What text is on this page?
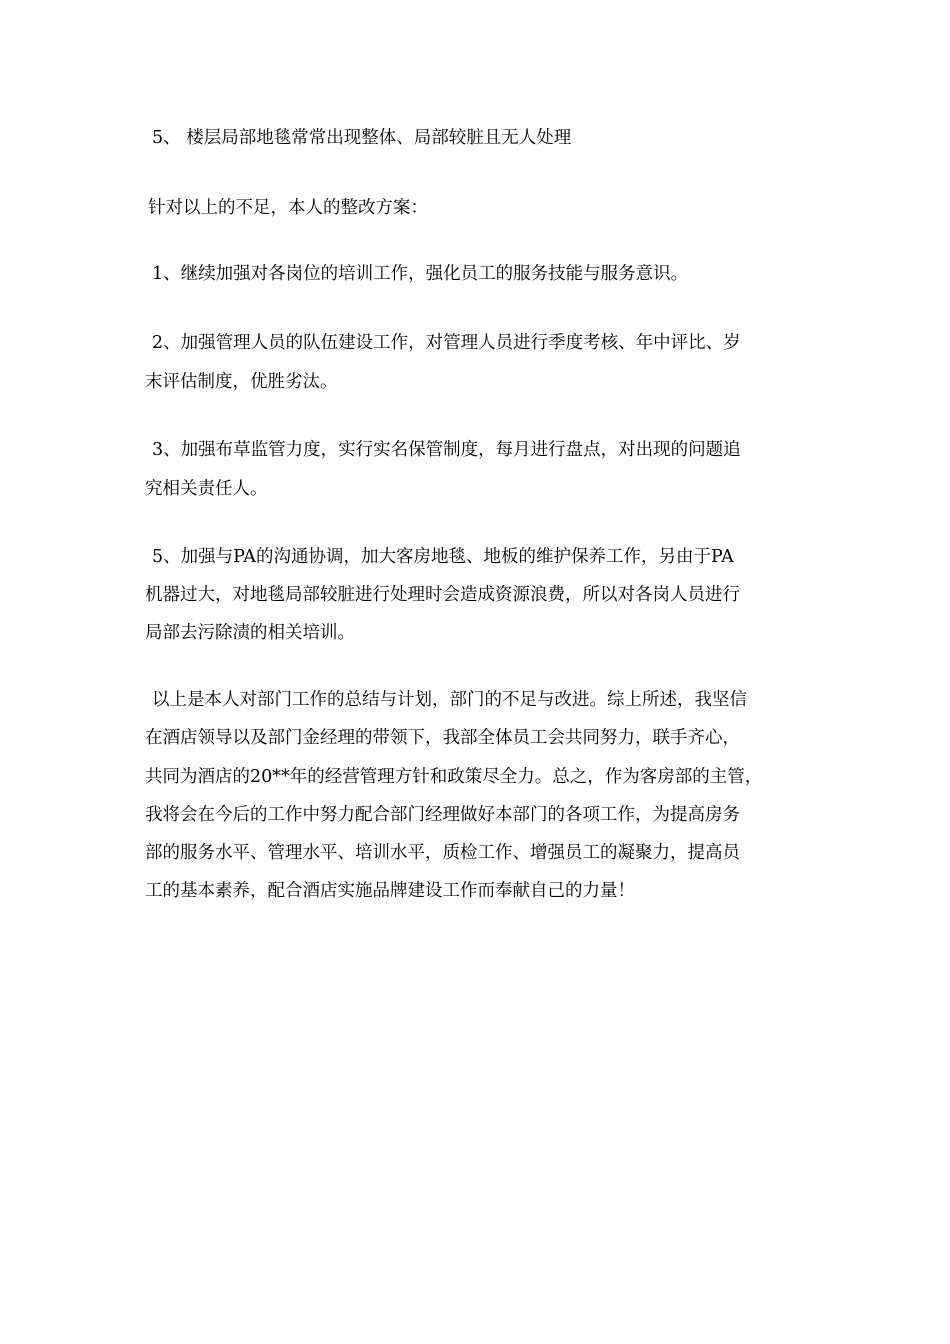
5、 楼层局部地毯常常出现整体、局部较脏且无人处理
针对以上的不足，本人的整改方案：
1、继续加强对各岗位的培训工作，强化员工的服务技能与服务意识。
2、加强管理人员的队伍建设工作，对管理人员进行季度考核、年中评比、岁
末评估制度，优胜劣汰。
3、加强布草监管力度，实行实名保管制度，每月进行盘点，对出现的问题追
究相关责任人。
5、加强与PA的沟通协调，加大客房地毯、地板的维护保养工作，另由于PA
机器过大，对地毯局部较脏进行处理时会造成资源浪费，所以对各岗人员进行
局部去污除渍的相关培训。
以上是本人对部门工作的总结与计划，部门的不足与改进。综上所述，我坚信
在酒店领导以及部门金经理的带领下，我部全体员工会共同努力，联手齐心，
共同为酒店的20**年的经营管理方针和政策尽全力。总之，作为客房部的主管，
我将会在今后的工作中努力配合部门经理做好本部门的各项工作，为提高房务
部的服务水平、管理水平、培训水平，质检工作、增强员工的凝聚力，提高员
工的基本素养，配合酒店实施品牌建设工作而奉献自己的力量！
